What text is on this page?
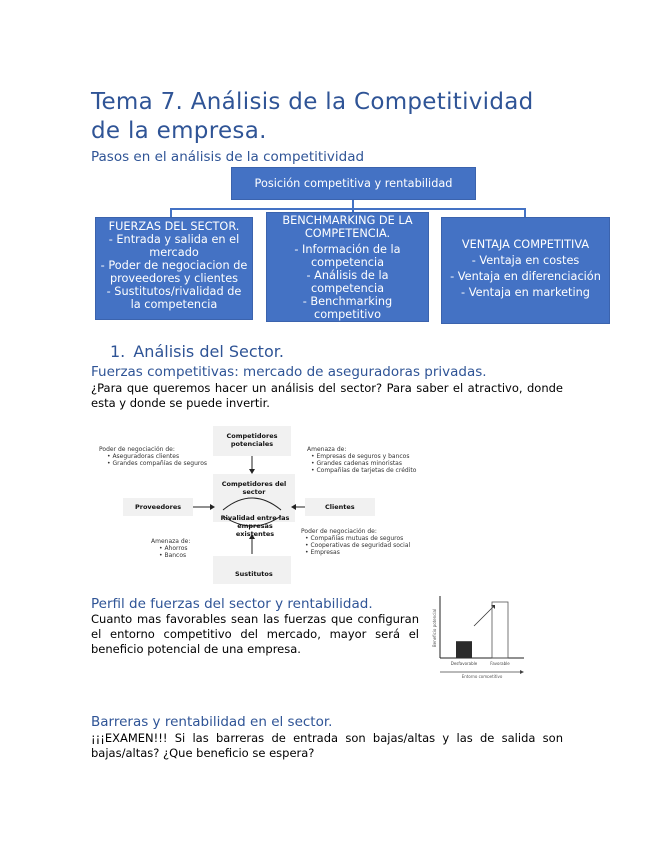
Tema 7. Análisis de la Competitividad
de la empresa.
Pasos en el análisis de la competitividad
Posición competitiva y rentabilidad
FUERZAS DEL SECTOR.
- Entrada y salida en el
mercado
- Poder de negociacion de
proveedores y clientes
- Sustitutos/rivalidad de
la competencia
BENCHMARKING DE LA
COMPETENCIA.
- Información de la
competencia
- Análisis de la
competencia
- Benchmarking
competitivo
VENTAJA COMPETITIVA
- Ventaja en costes
- Ventaja en diferenciación
- Ventaja en marketing
1. Análisis del Sector.
Fuerzas competitivas: mercado de aseguradoras privadas.
¿Para que queremos hacer un análisis del sector? Para saber el atractivo, donde esta y donde se puede invertir.
Competidores potenciales
Competidores del sector
Rivalidad entre las empresas existentes
Proveedores	Clientes
Sustitutos
Poder de negociación de:
• Aseguradoras clientes
• Grandes compañías de seguros
Amenaza de:
• Empresas de seguros y bancos
• Grandes cadenas minoristas
• Compañías de tarjetas de crédito
Amenaza de:
• Ahorros
• Bancos
Poder de negociación de:
• Compañías mutuas de seguros
• Cooperativas de seguridad social
• Empresas
Perfil de fuerzas del sector y rentabilidad.
Cuanto mas favorables sean las fuerzas que configuran el entorno competitivo del mercado, mayor será el beneficio potencial de una empresa.
Beneficio potencial
Entorno competitivo
Desfavorable	Favorable
Barreras y rentabilidad en el sector.
¡¡¡EXAMEN!!! Si las barreras de entrada son bajas/altas y las de salida son bajas/altas? ¿Que beneficio se espera?
